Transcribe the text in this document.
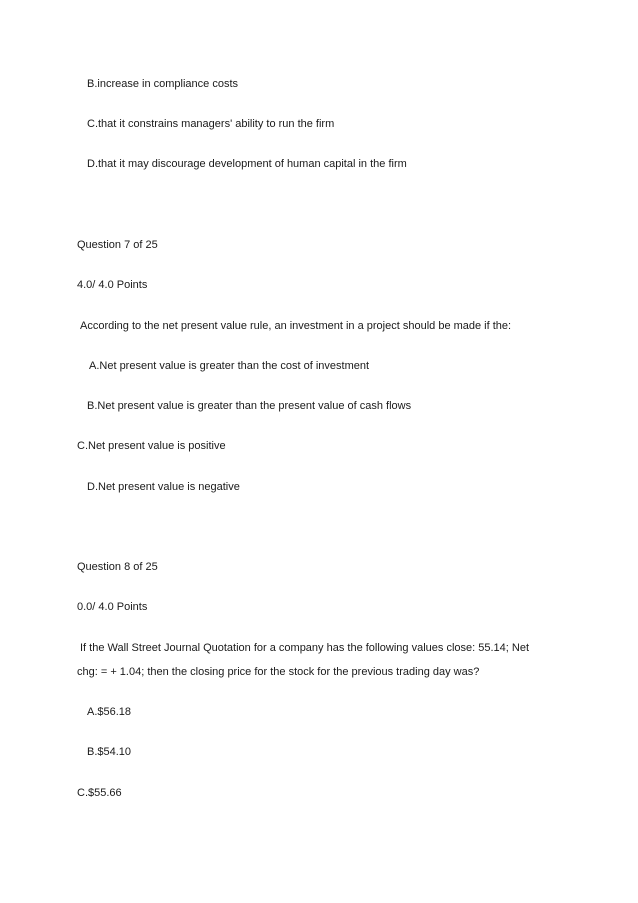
B.increase in compliance costs
C.that it constrains managers' ability to run the firm
D.that it may discourage development of human capital in the firm
Question 7 of 25
4.0/ 4.0 Points
According to the net present value rule, an investment in a project should be made if the:
A.Net present value is greater than the cost of investment
B.Net present value is greater than the present value of cash flows
C.Net present value is positive
D.Net present value is negative
Question 8 of 25
0.0/ 4.0 Points
If the Wall Street Journal Quotation for a company has the following values close: 55.14; Net
chg: = + 1.04; then the closing price for the stock for the previous trading day was?
A.$56.18
B.$54.10
C.$55.66
